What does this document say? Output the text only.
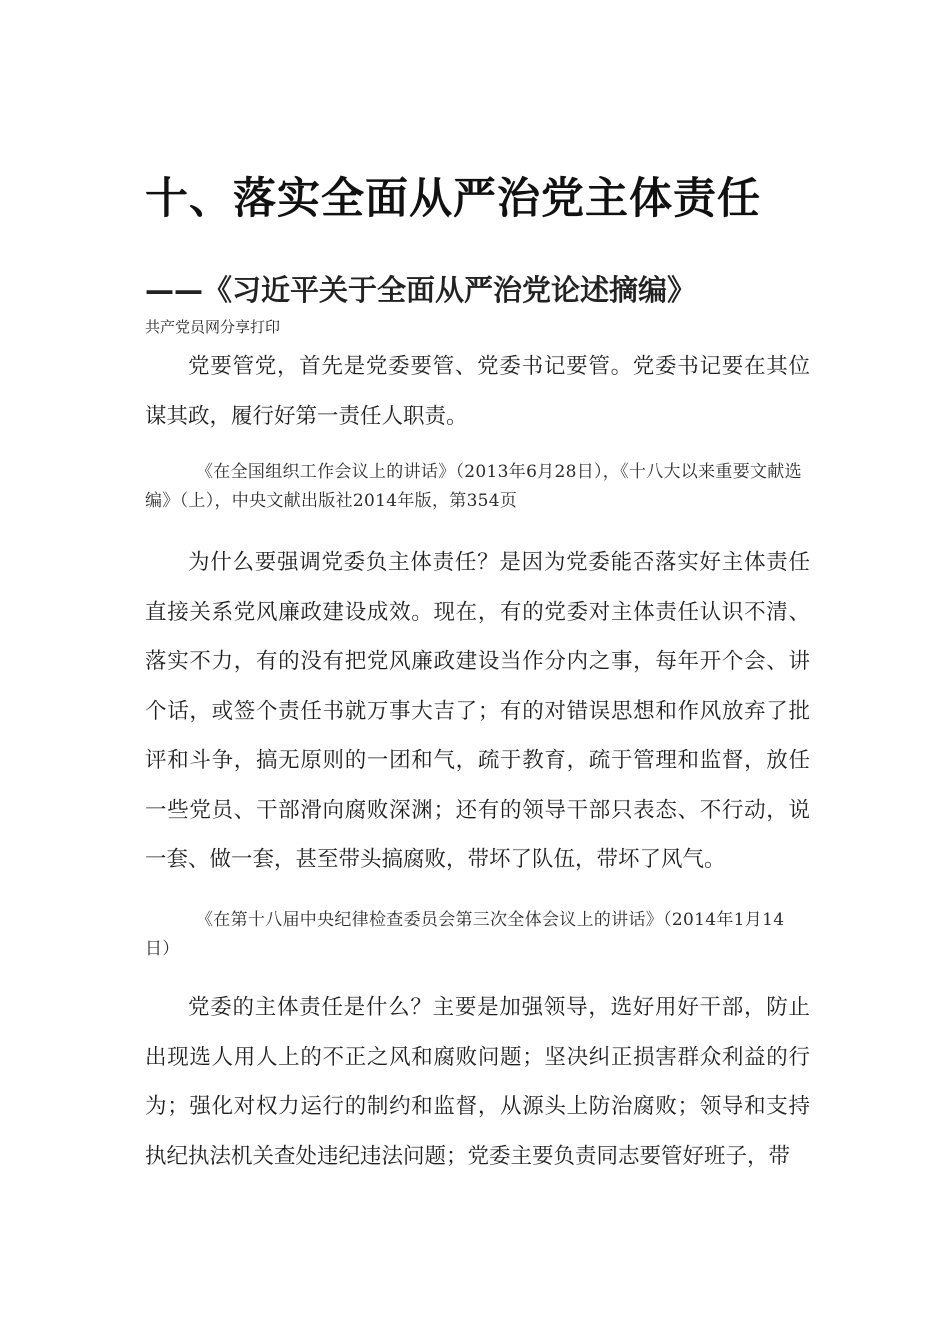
十、落实全面从严治党主体责任
——《习近平关于全面从严治党论述摘编》

共产党员网分享打印

党要管党，首先是党委要管、党委书记要管。党委书记要在其位谋其政，履行好第一责任人职责。

《在全国组织工作会议上的讲话》（2013年6月28日），《十八大以来重要文献选编》（上），中央文献出版社2014年版，第354页

为什么要强调党委负主体责任？是因为党委能否落实好主体责任直接关系党风廉政建设成效。现在，有的党委对主体责任认识不清、落实不力，有的没有把党风廉政建设当作分内之事，每年开个会、讲个话，或签个责任书就万事大吉了；有的对错误思想和作风放弃了批评和斗争，搞无原则的一团和气，疏于教育，疏于管理和监督，放任一些党员、干部滑向腐败深渊；还有的领导干部只表态、不行动，说一套、做一套，甚至带头搞腐败，带坏了队伍，带坏了风气。

《在第十八届中央纪律检查委员会第三次全体会议上的讲话》（2014年1月14日）

党委的主体责任是什么？主要是加强领导，选好用好干部，防止出现选人用人上的不正之风和腐败问题；坚决纠正损害群众利益的行为；强化对权力运行的制约和监督，从源头上防治腐败；领导和支持执纪执法机关查处违纪违法问题；党委主要负责同志要管好班子，带
